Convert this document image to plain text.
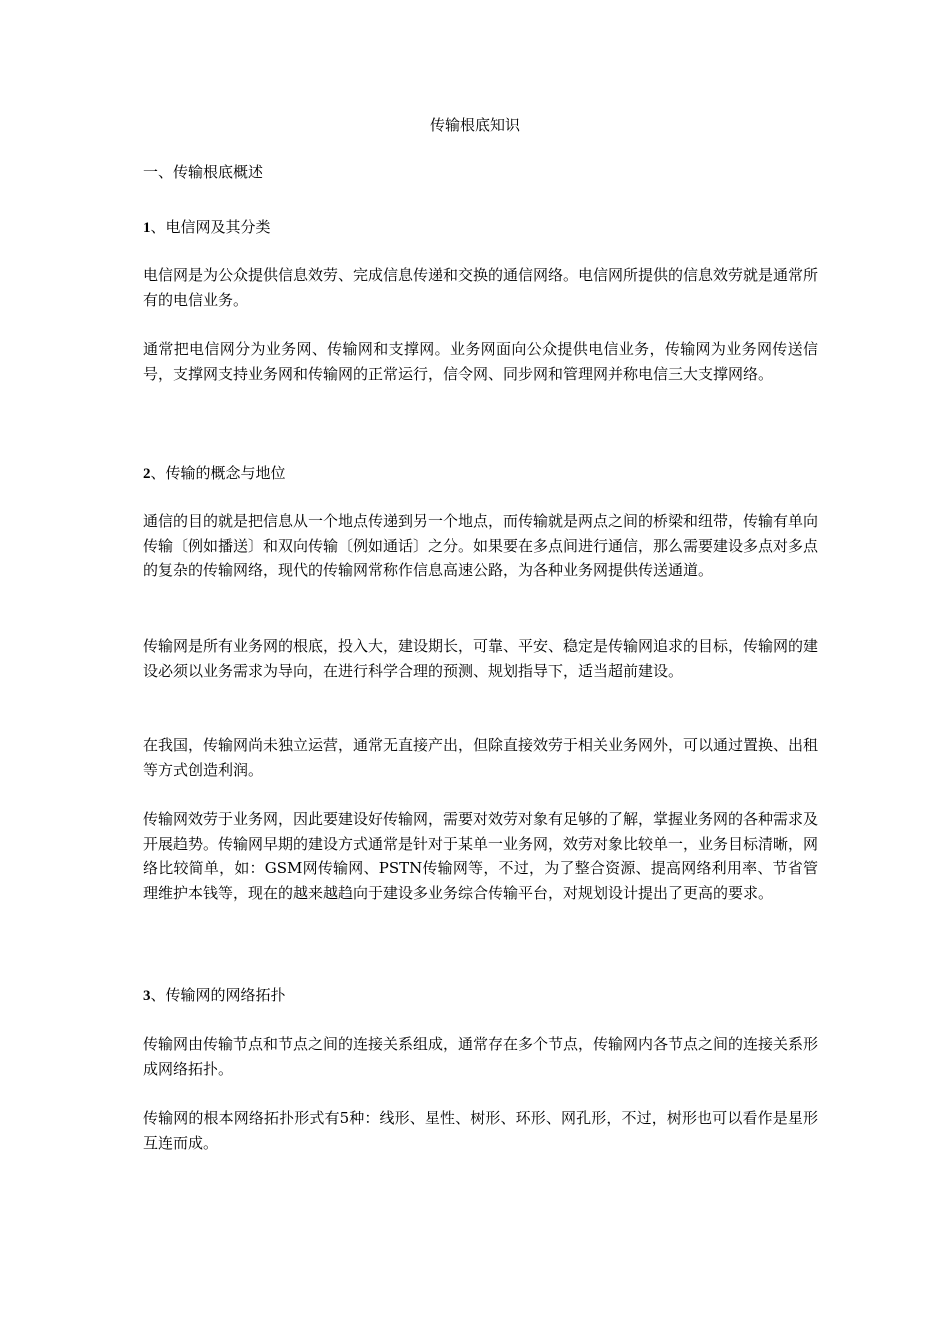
传输根底知识

一、传输根底概述

1、电信网及其分类

电信网是为公众提供信息效劳、完成信息传递和交换的通信网络。电信网所提供的信息效劳就是通常所有的电信业务。

通常把电信网分为业务网、传输网和支撑网。业务网面向公众提供电信业务，传输网为业务网传送信号，支撑网支持业务网和传输网的正常运行，信令网、同步网和管理网并称电信三大支撑网络。

2、传输的概念与地位

通信的目的就是把信息从一个地点传递到另一个地点，而传输就是两点之间的桥梁和纽带，传输有单向传输〔例如播送〕和双向传输〔例如通话〕之分。如果要在多点间进行通信，那么需要建设多点对多点的复杂的传输网络，现代的传输网常称作信息高速公路，为各种业务网提供传送通道。

传输网是所有业务网的根底，投入大，建设期长，可靠、平安、稳定是传输网追求的目标，传输网的建设必须以业务需求为导向，在进行科学合理的预测、规划指导下，适当超前建设。

在我国，传输网尚未独立运营，通常无直接产出，但除直接效劳于相关业务网外，可以通过置换、出租等方式创造利润。

传输网效劳于业务网，因此要建设好传输网，需要对效劳对象有足够的了解，掌握业务网的各种需求及开展趋势。传输网早期的建设方式通常是针对于某单一业务网，效劳对象比较单一，业务目标清晰，网络比较简单，如：GSM网传输网、PSTN传输网等，不过，为了整合资源、提高网络利用率、节省管理维护本钱等，现在的越来越趋向于建设多业务综合传输平台，对规划设计提出了更高的要求。

3、传输网的网络拓扑

传输网由传输节点和节点之间的连接关系组成，通常存在多个节点，传输网内各节点之间的连接关系形成网络拓扑。

传输网的根本网络拓扑形式有5种：线形、星性、树形、环形、网孔形，不过，树形也可以看作是星形互连而成。
